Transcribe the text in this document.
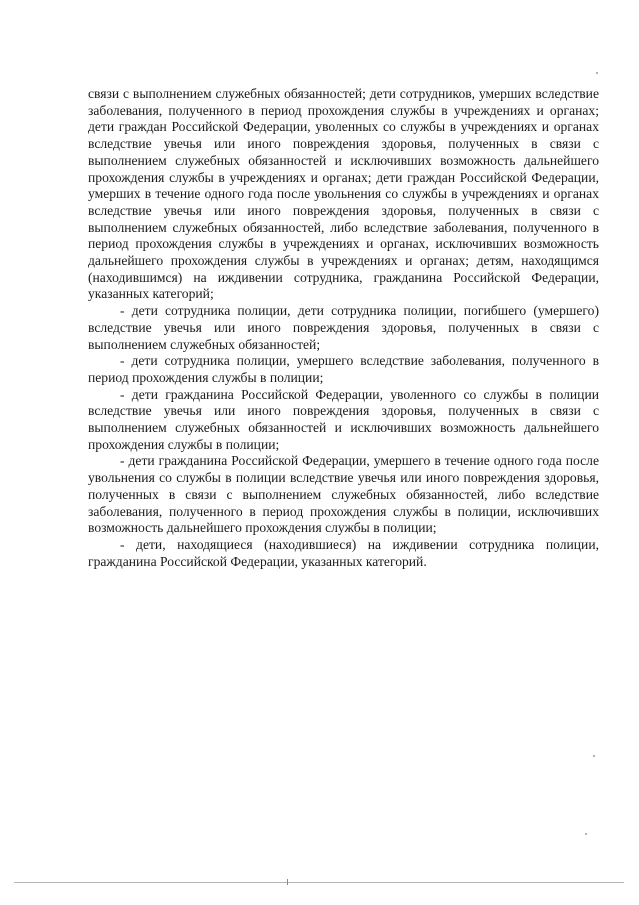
связи с выполнением служебных обязанностей; дети сотрудников, умерших вследствие заболевания, полученного в период прохождения службы в учреждениях и органах; дети граждан Российской Федерации, уволенных со службы в учреждениях и органах вследствие увечья или иного повреждения здоровья, полученных в связи с выполнением служебных обязанностей и исключивших возможность дальнейшего прохождения службы в учреждениях и органах; дети граждан Российской Федерации, умерших в течение одного года после увольнения со службы в учреждениях и органах вследствие увечья или иного повреждения здоровья, полученных в связи с выполнением служебных обязанностей, либо вследствие заболевания, полученного в период прохождения службы в учреждениях и органах, исключивших возможность дальнейшего прохождения службы в учреждениях и органах; детям, находящимся (находившимся) на иждивении сотрудника, гражданина Российской Федерации, указанных категорий;

- дети сотрудника полиции, дети сотрудника полиции, погибшего (умершего) вследствие увечья или иного повреждения здоровья, полученных в связи с выполнением служебных обязанностей;

- дети сотрудника полиции, умершего вследствие заболевания, полученного в период прохождения службы в полиции;

- дети гражданина Российской Федерации, уволенного со службы в полиции вследствие увечья или иного повреждения здоровья, полученных в связи с выполнением служебных обязанностей и исключивших возможность дальнейшего прохождения службы в полиции;

- дети гражданина Российской Федерации, умершего в течение одного года после увольнения со службы в полиции вследствие увечья или иного повреждения здоровья, полученных в связи с выполнением служебных обязанностей, либо вследствие заболевания, полученного в период прохождения службы в полиции, исключивших возможность дальнейшего прохождения службы в полиции;

- дети, находящиеся (находившиеся) на иждивении сотрудника полиции, гражданина Российской Федерации, указанных категорий.
